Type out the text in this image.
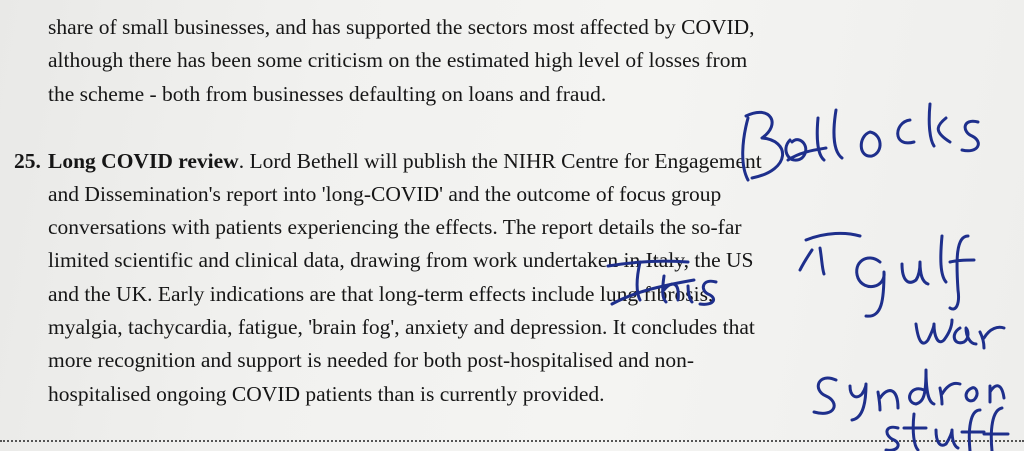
share of small businesses, and has supported the sectors most affected by COVID,
although there has been some criticism on the estimated high level of losses from
the scheme - both from businesses defaulting on loans and fraud.
25. Long COVID review. Lord Bethell will publish the NIHR Centre for Engagement
and Dissemination's report into 'long-COVID' and the outcome of focus group
conversations with patients experiencing the effects. The report details the so-far
limited scientific and clinical data, drawing from work undertaken in Italy, the US
and the UK. Early indications are that long-term effects include lung fibrosis,
myalgia, tachycardia, fatigue, 'brain fog', anxiety and depression. It concludes that
more recognition and support is needed for both post-hospitalised and non-
hospitalised ongoing COVID patients than is currently provided.
